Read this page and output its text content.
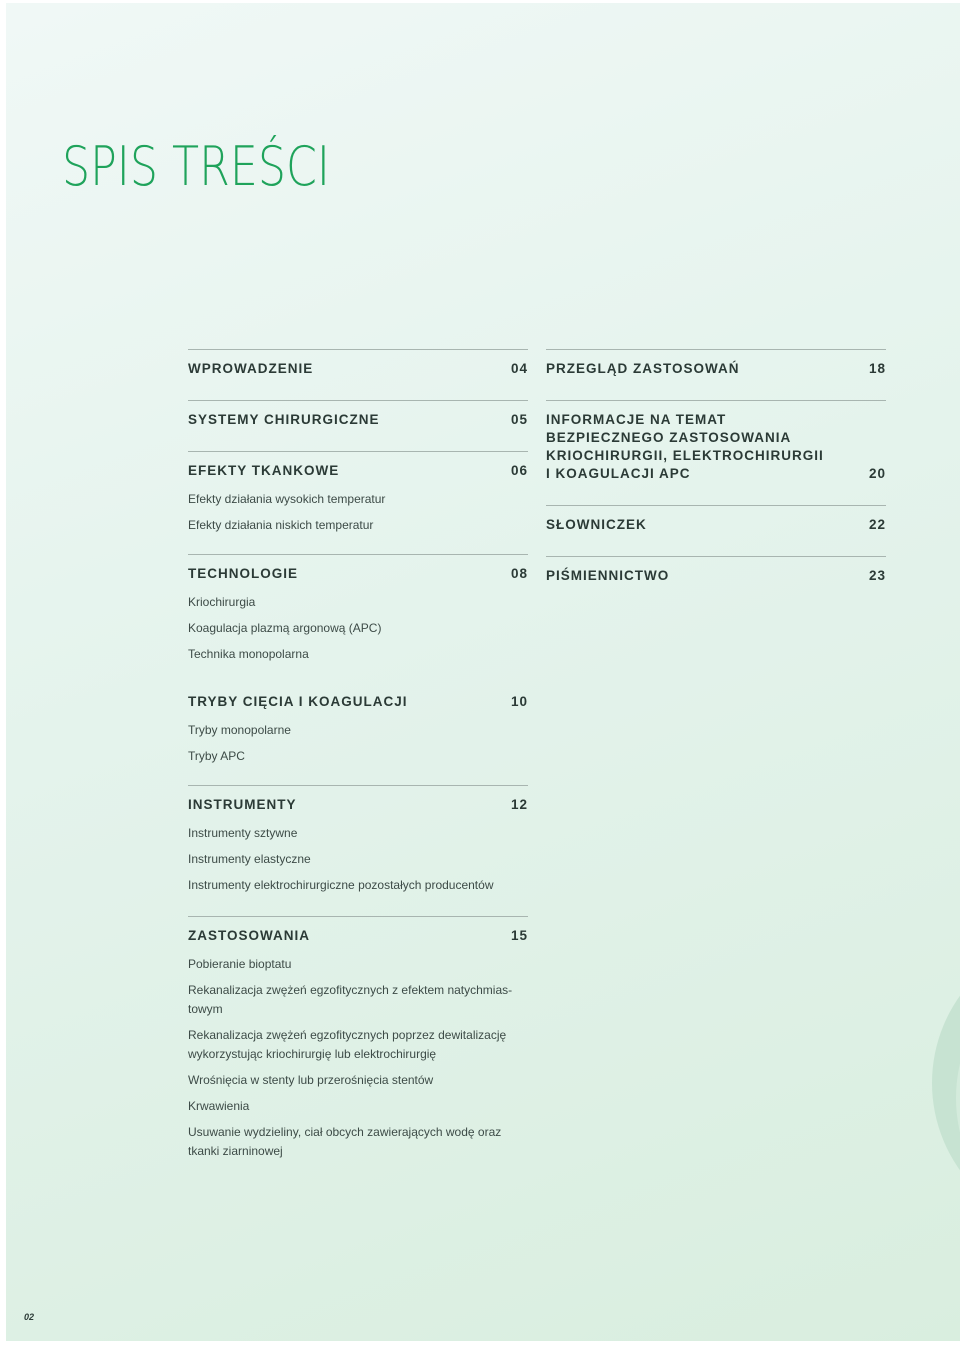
SPIS TREŚCI
WPROWADZENIE	04
SYSTEMY CHIRURGICZNE	05
EFEKTY TKANKOWE	06
Efekty działania wysokich temperatur
Efekty działania niskich temperatur
TECHNOLOGIE	08
Kriochirurgia
Koagulacja plazmą argonową (APC)
Technika monopolarna
TRYBY CIĘCIA I KOAGULACJI	10
Tryby monopolarne
Tryby APC
INSTRUMENTY	12
Instrumenty sztywne
Instrumenty elastyczne
Instrumenty elektrochirurgiczne pozostałych producentów
ZASTOSOWANIA	15
Pobieranie bioptatu
Rekanalizacja zwężeń egzofitycznych z efektem natychmias-towym
Rekanalizacja zwężeń egzofitycznych poprzez dewitalizację wykorzystując kriochirurgię lub elektrochirurgię
Wrośnięcia w stenty lub przerośnięcia stentów
Krwawienia
Usuwanie wydzieliny, ciał obcych zawierających wodę oraz tkanki ziarninowej
PRZEGLĄD ZASTOSOWAŃ	18
INFORMACJE NA TEMAT BEZPIECZNEGO ZASTOSOWANIA KRIOCHIRURGII, ELEKTROCHIRURGII I KOAGULACJI APC	20
SŁOWNICZEK	22
PIŚMIENNICTWO	23
02
